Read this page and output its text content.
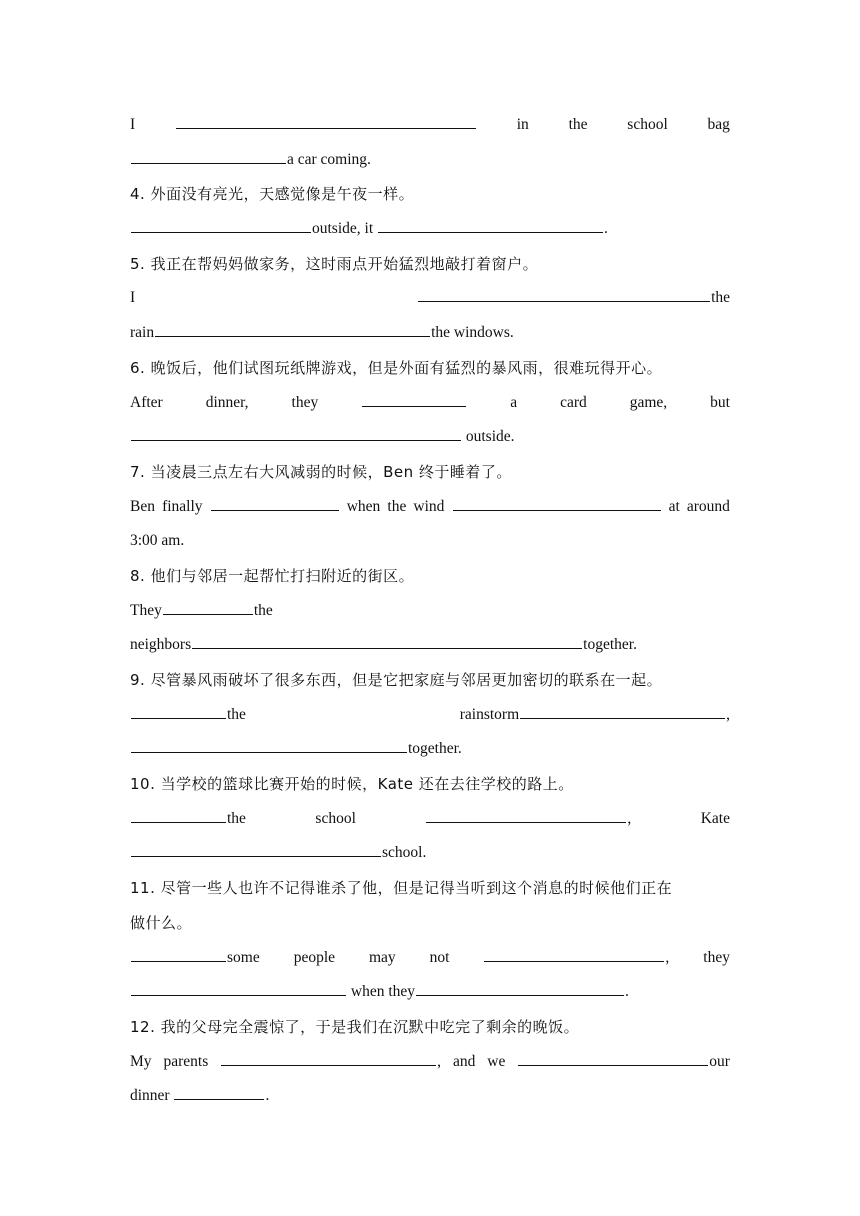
I	in	the	school	bag
a car coming.
4. 外面没有亮光，天感觉像是午夜一样。
outside, it	.
5. 我正在帮妈妈做家务，这时雨点开始猛烈地敲打着窗户。
I	the
rain	the windows.
6. 晚饭后，他们试图玩纸牌游戏，但是外面有猛烈的暴风雨，很难玩得开心。
After	dinner,	they	a	card	game,	but
outside.
7. 当凌晨三点左右大风减弱的时候，Ben 终于睡着了。
Ben finally	when the wind	at around
3:00 am.
8. 他们与邻居一起帮忙打扫附近的街区。
They	the
neighbors	together.
9. 尽管暴风雨破坏了很多东西，但是它把家庭与邻居更加密切的联系在一起。
the	rainstorm	,
together.
10. 当学校的篮球比赛开始的时候，Kate 还在去往学校的路上。
the	school	,	Kate
school.
11. 尽管一些人也许不记得谁杀了他，但是记得当听到这个消息的时候他们正在
做什么。
some people may not	, they
when they	.
12. 我的父母完全震惊了，于是我们在沉默中吃完了剩余的晚饭。
My parents	, and we	our
dinner	.
